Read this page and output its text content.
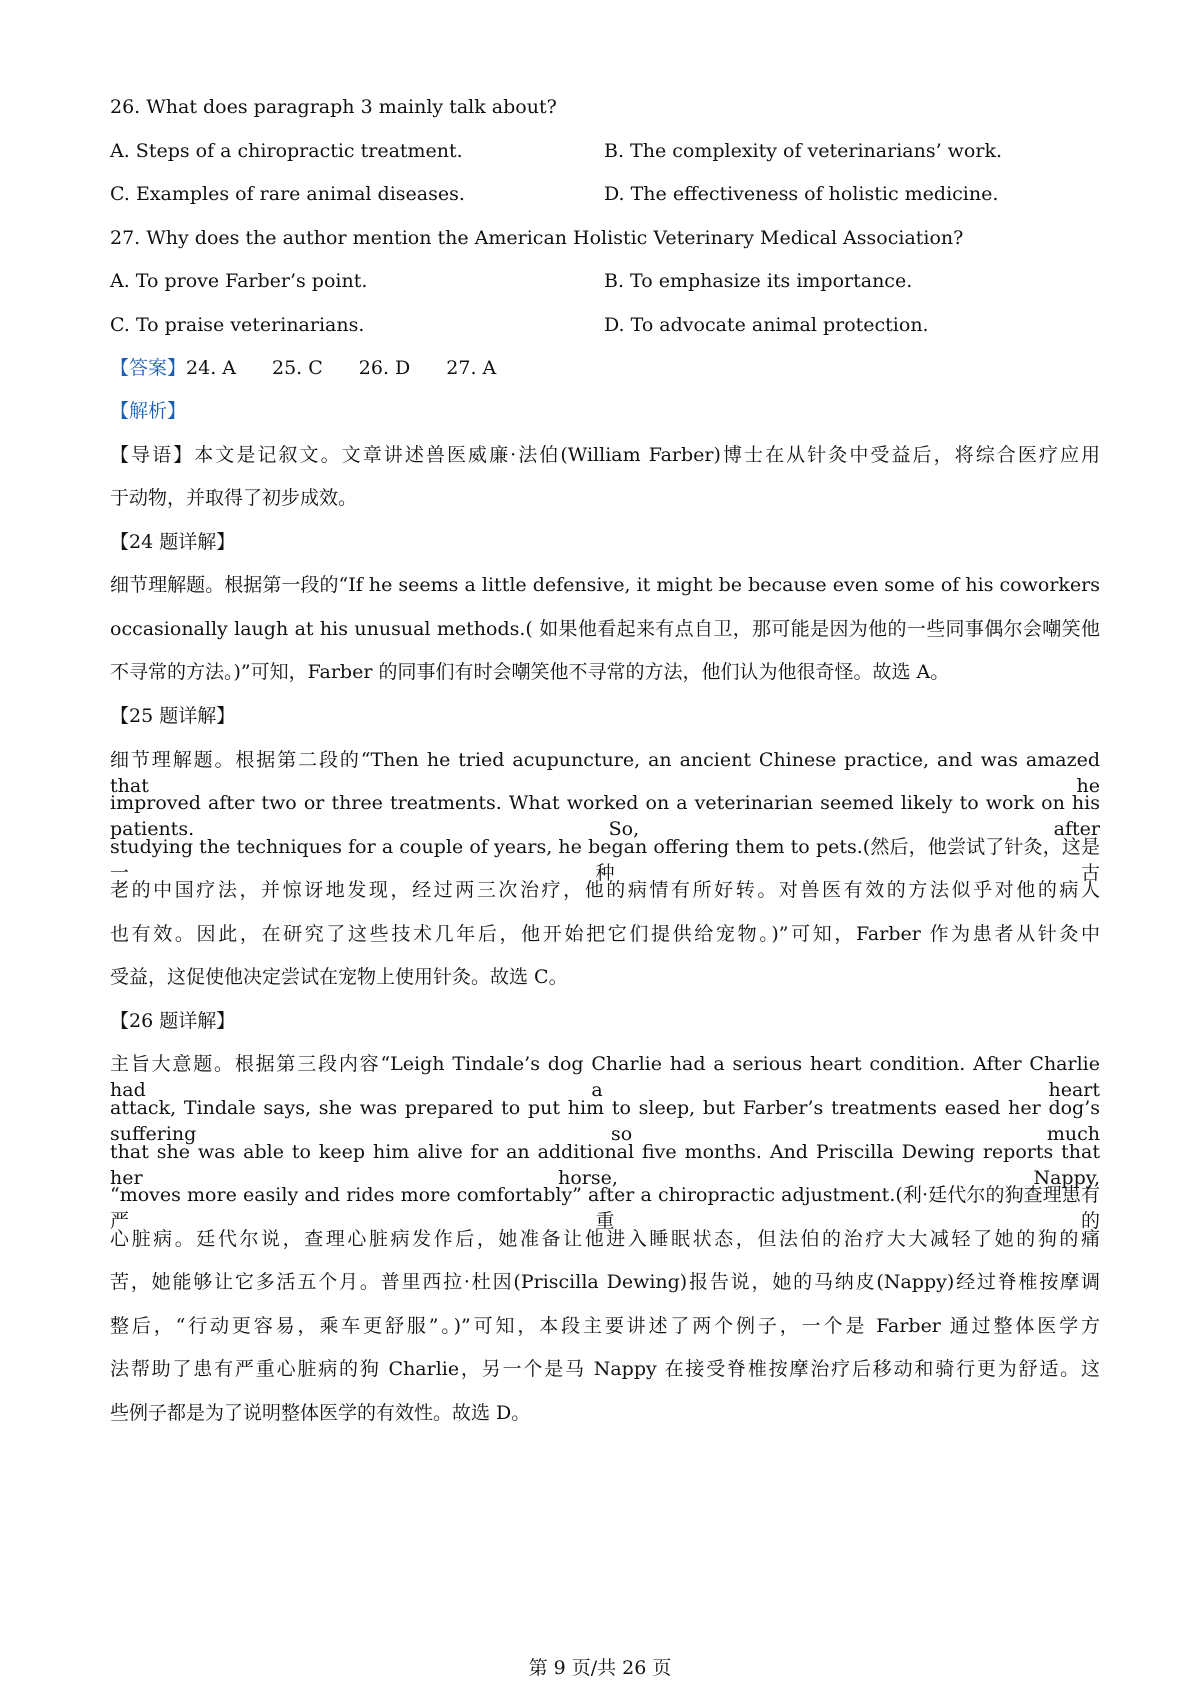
26. What does paragraph 3 mainly talk about?
A. Steps of a chiropractic treatment.	B. The complexity of veterinarians’ work.
C. Examples of rare animal diseases.	D. The effectiveness of holistic medicine.
27. Why does the author mention the American Holistic Veterinary Medical Association?
A. To prove Farber’s point.	B. To emphasize its importance.
C. To praise veterinarians.	D. To advocate animal protection.
【答案】24. A 25. C 26. D 27. A
【解析】
【导语】本文是记叙文。文章讲述兽医威廉·法伯(William Farber)博士在从针灸中受益后，将综合医疗应用
于动物，并取得了初步成效。
【24 题详解】
细节理解题。根据第一段的“If he seems a little defensive, it might be because even some of his coworkers
occasionally laugh at his unusual methods.( 如果他看起来有点自卫，那可能是因为他的一些同事偶尔会嘲笑他
不寻常的方法。)”可知，Farber 的同事们有时会嘲笑他不寻常的方法，他们认为他很奇怪。故选 A。
【25 题详解】
细节理解题。根据第二段的“Then he tried acupuncture, an ancient Chinese practice, and was amazed that he
improved after two or three treatments. What worked on a veterinarian seemed likely to work on his patients. So, after
studying the techniques for a couple of years, he began offering them to pets.(然后，他尝试了针灸，这是一种古
老的中国疗法，并惊讶地发现，经过两三次治疗，他的病情有所好转。对兽医有效的方法似乎对他的病人
也有效。因此，在研究了这些技术几年后，他开始把它们提供给宠物。)”可知，Farber 作为患者从针灸中
受益，这促使他决定尝试在宠物上使用针灸。故选 C。
【26 题详解】
主旨大意题。根据第三段内容“Leigh Tindale’s dog Charlie had a serious heart condition. After Charlie had a heart
attack, Tindale says, she was prepared to put him to sleep, but Farber’s treatments eased her dog’s suffering so much
that she was able to keep him alive for an additional five months. And Priscilla Dewing reports that her horse, Nappy,
“moves more easily and rides more comfortably” after a chiropractic adjustment.(利·廷代尔的狗查理患有严重的
心脏病。廷代尔说，查理心脏病发作后，她准备让他进入睡眠状态，但法伯的治疗大大减轻了她的狗的痛
苦，她能够让它多活五个月。普里西拉·杜因(Priscilla Dewing)报告说，她的马纳皮(Nappy)经过脊椎按摩调
整后，“行动更容易，乘车更舒服”。)”可知，本段主要讲述了两个例子，一个是 Farber 通过整体医学方
法帮助了患有严重心脏病的狗 Charlie，另一个是马 Nappy 在接受脊椎按摩治疗后移动和骑行更为舒适。这
些例子都是为了说明整体医学的有效性。故选 D。
第 9 页/共 26 页
